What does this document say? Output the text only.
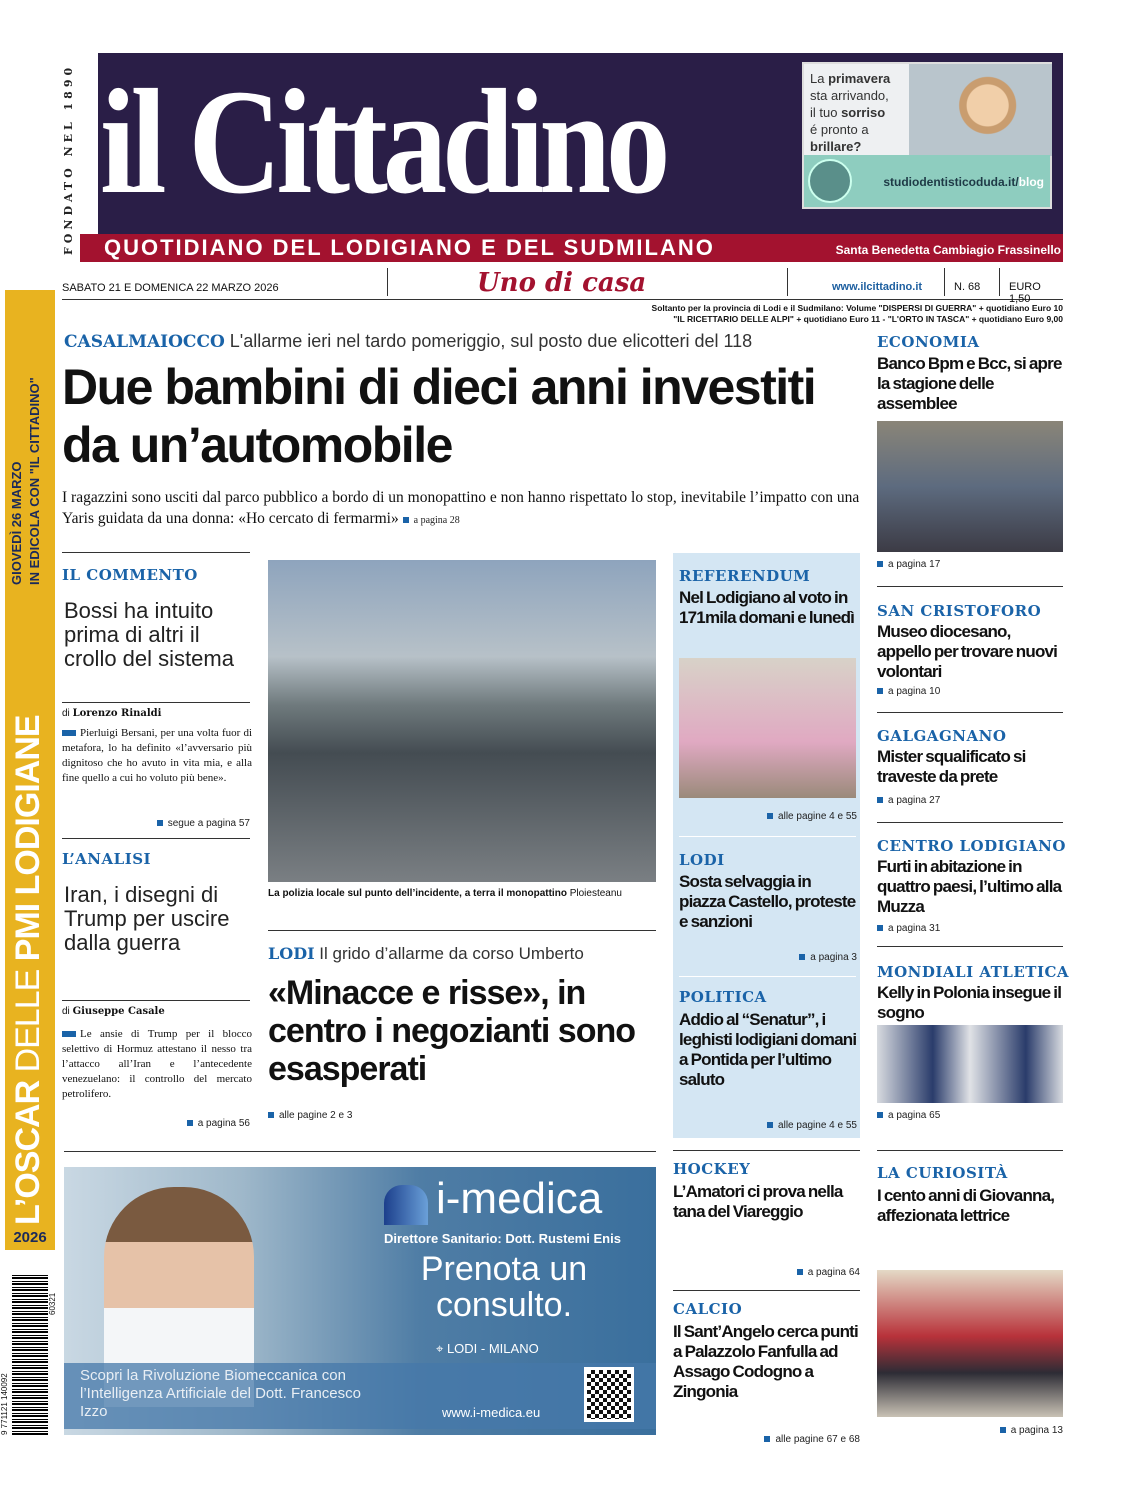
FONDATO NEL 1890 il Cittadino	La primavera
sta arrivando,
il tuo sorriso
é pronto a
brillare?
studiodentisticoduda.it/blog
QUOTIDIANO DEL LODIGIANO E DEL SUDMILANO	Santa Benedetta Cambiagio Frassinello
SABATO 21 E DOMENICA 22 MARZO 2026	Uno di casa	www.ilcittadino.it	N. 68	EURO 1,50
Soltanto per la provincia di Lodi e il Sudmilano: Volume "DISPERSI DI GUERRA" + quotidiano Euro 10
"IL RICETTARIO DELLE ALPI" + quotidiano Euro 11 - "L'ORTO IN TASCA" + quotidiano Euro 9,00
CASALMAIOCCO L'allarme ieri nel tardo pomeriggio, sul posto due elicotteri del 118
Due bambini di dieci anni investiti da un’automobile
I ragazzini sono usciti dal parco pubblico a bordo di un monopattino e non hanno rispettato lo stop, inevitabile l’impatto con una Yaris guidata da una donna: «Ho cercato di fermarmi» a pagina 28
IL COMMENTO
Bossi ha intuito prima di altri il crollo del sistema
di Lorenzo Rinaldi
Pierluigi Bersani, per una volta fuor di metafora, lo ha definito «l’avversario più dignitoso che ho avuto in vita mia, e alla fine quello a cui ho voluto più bene».
segue a pagina 57
L’ANALISI
Iran, i disegni di Trump per uscire dalla guerra
di Giuseppe Casale
Le ansie di Trump per il blocco selettivo di Hormuz attestano il nesso tra l’attacco all’Iran e l’antecedente venezuelano: il controllo del mercato petrolifero.
a pagina 56
La polizia locale sul punto dell’incidente, a terra il monopattino Ploiesteanu
LODI Il grido d’allarme da corso Umberto
«Minacce e risse», in centro i negozianti sono esasperati
alle pagine 2 e 3
REFERENDUM
Nel Lodigiano al voto in 171mila domani e lunedì
alle pagine 4 e 55
LODI
Sosta selvaggia in piazza Castello, proteste e sanzioni
a pagina 3
POLITICA
Addio al “Senatur”, i leghisti lodigiani domani a Pontida per l’ultimo saluto
alle pagine 4 e 55
HOCKEY
L’Amatori ci prova nella tana del Viareggio
a pagina 64
CALCIO
Il Sant’Angelo cerca punti a Palazzolo Fanfulla ad Assago Codogno a Zingonia
alle pagine 67 e 68
ECONOMIA
Banco Bpm e Bcc, si apre la stagione delle assemblee
a pagina 17
SAN CRISTOFORO
Museo diocesano, appello per trovare nuovi volontari
a pagina 10
GALGAGNANO
Mister squalificato si traveste da prete
a pagina 27
CENTRO LODIGIANO
Furti in abitazione in quattro paesi, l’ultimo alla Muzza
a pagina 31
MONDIALI ATLETICA
Kelly in Polonia insegue il sogno
a pagina 65
LA CURIOSITÀ
I cento anni di Giovanna, affezionata lettrice
a pagina 13
GIOVEDÌ 26 MARZO IN EDICOLA CON "IL CITTADINO"
L’OSCAR DELLE PMI LODIGIANE
2026
9 771121 140092
60321
i-medica
Direttore Sanitario: Dott. Rustemi Enis
Prenota un consulto.
⌖ LODI - MILANO
Scopri la Rivoluzione Biomeccanica con l’Intelligenza Artificiale del Dott. Francesco Izzo	www.i-medica.eu
